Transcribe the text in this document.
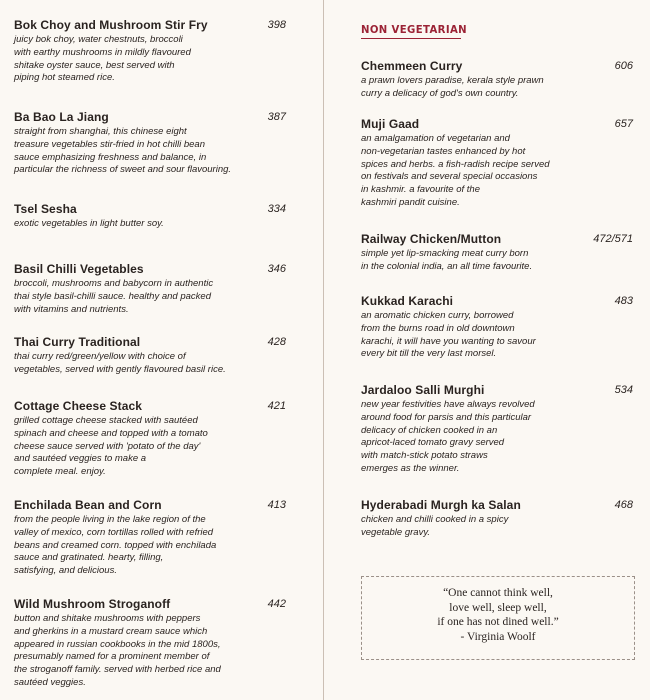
Bok Choy and Mushroom Stir Fry	398
juicy bok choy, water chestnuts, broccoli
with earthy mushrooms in mildly flavoured
shitake oyster sauce, best served with
piping hot steamed rice.
Ba Bao La Jiang	387
straight from shanghai, this chinese eight
treasure vegetables stir-fried in hot chilli bean
sauce emphasizing freshness and balance, in
particular the richness of sweet and sour flavouring.
Tsel Sesha	334
exotic vegetables in light butter soy.
Basil Chilli Vegetables	346
broccoli, mushrooms and babycorn in authentic
thai style basil-chilli sauce. healthy and packed
with vitamins and nutrients.
Thai Curry Traditional	428
thai curry red/green/yellow with choice of
vegetables, served with gently flavoured basil rice.
Cottage Cheese Stack	421
grilled cottage cheese stacked with sautéed
spinach and cheese and topped with a tomato
cheese sauce served with 'potato of the day'
and sautéed veggies to make a
complete meal. enjoy.
Enchilada Bean and Corn	413
from the people living in the lake region of the
valley of mexico, corn tortillas rolled with refried
beans and creamed corn. topped with enchilada
sauce and gratinated. hearty, filling,
satisfying, and delicious.
Wild Mushroom Stroganoff	442
button and shitake mushrooms with peppers
and gherkins in a mustard cream sauce which
appeared in russian cookbooks in the mid 1800s,
presumably named for a prominent member of
the stroganoff family. served with herbed rice and
sautéed veggies.
NON VEGETARIAN
Chemmeen Curry	606
a prawn lovers paradise, kerala style prawn
curry a delicacy of god's own country.
Muji Gaad	657
an amalgamation of vegetarian and
non-vegetarian tastes enhanced by hot
spices and herbs. a fish-radish recipe served
on festivals and several special occasions
in kashmir. a favourite of the
kashmiri pandit cuisine.
Railway Chicken/Mutton	472/571
simple yet lip-smacking meat curry born
in the colonial india, an all time favourite.
Kukkad Karachi	483
an aromatic chicken curry, borrowed
from the burns road in old downtown
karachi, it will have you wanting to savour
every bit till the very last morsel.
Jardaloo Salli Murghi	534
new year festivities have always revolved
around food for parsis and this particular
delicacy of chicken cooked in an
apricot-laced tomato gravy served
with match-stick potato straws
emerges as the winner.
Hyderabadi Murgh ka Salan	468
chicken and chilli cooked in a spicy
vegetable gravy.
“One cannot think well,
love well, sleep well,
if one has not dined well.”
- Virginia Woolf
